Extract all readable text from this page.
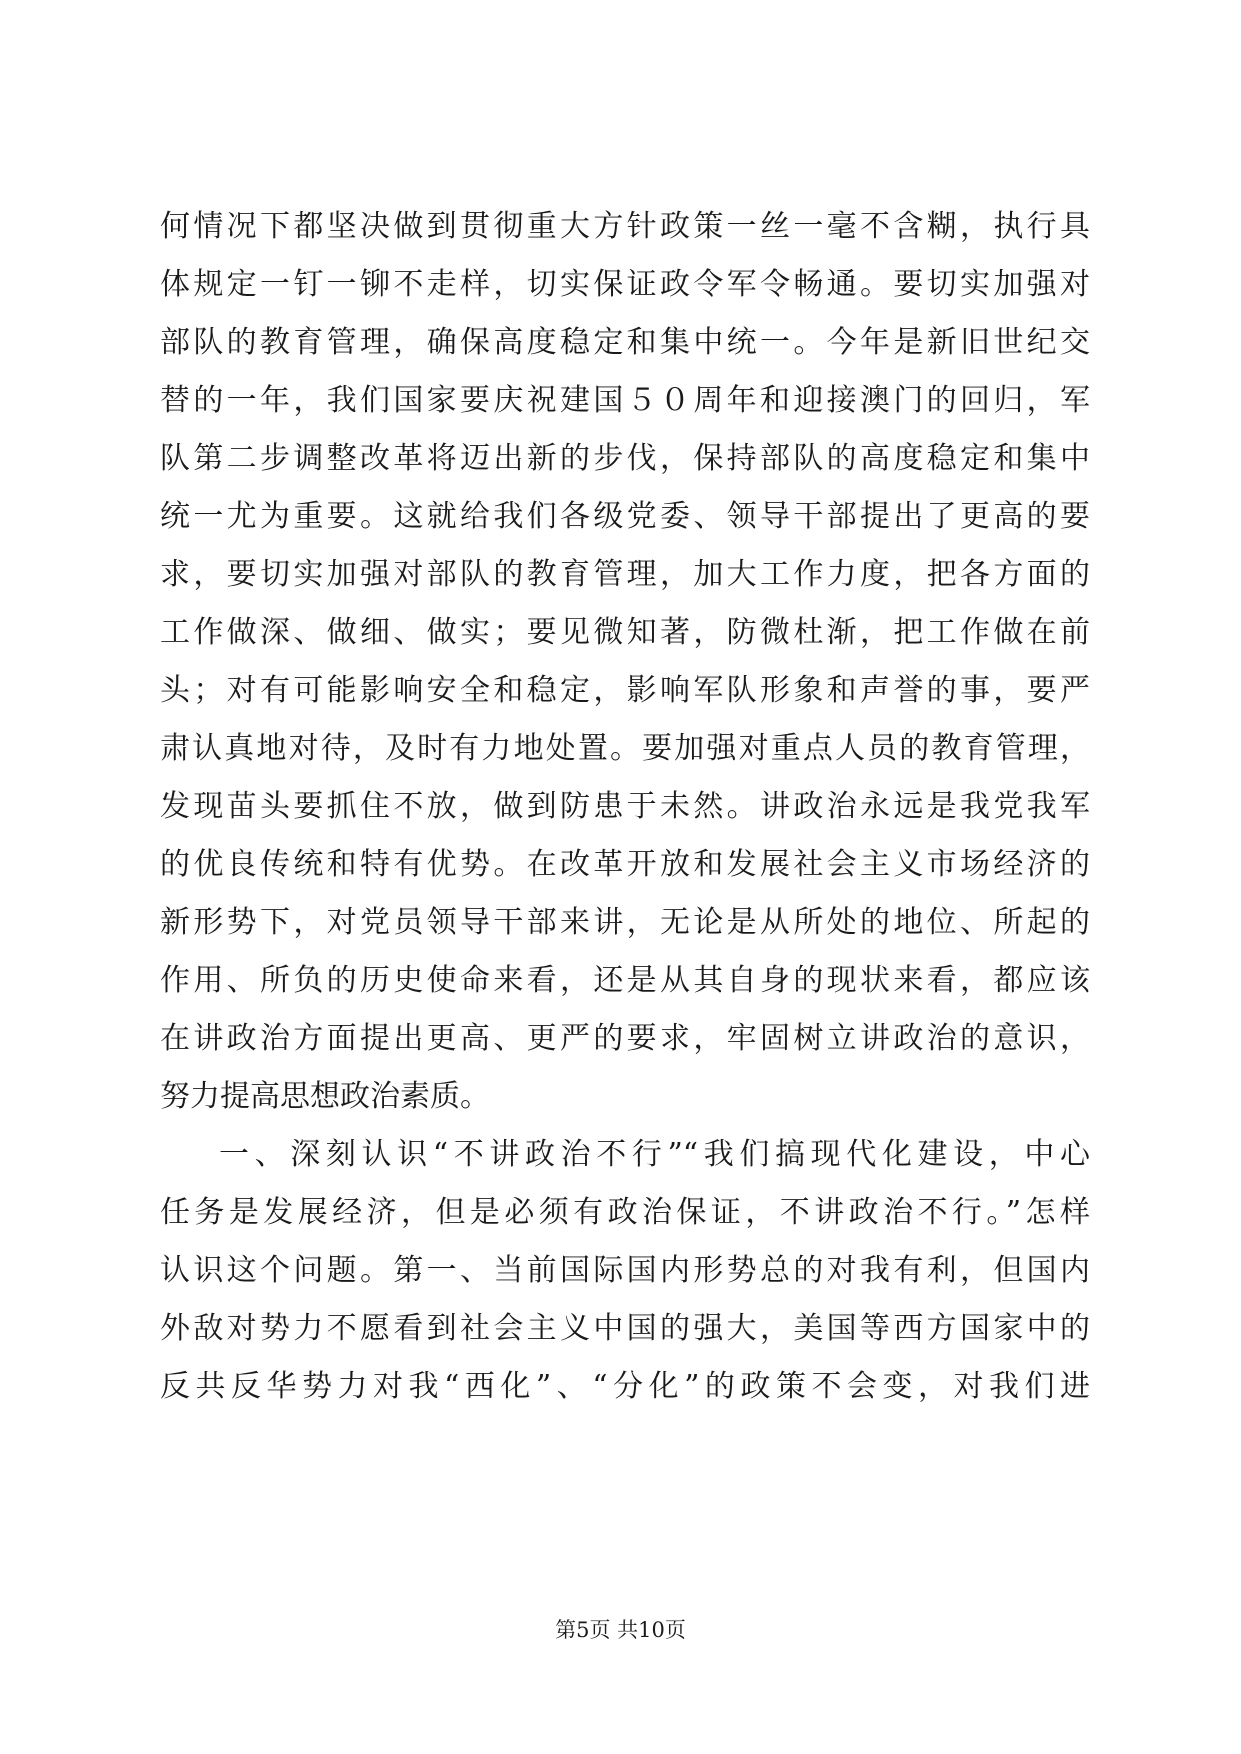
何情况下都坚决做到贯彻重大方针政策一丝一毫不含糊，执行具
体规定一钉一铆不走样，切实保证政令军令畅通。要切实加强对
部队的教育管理，确保高度稳定和集中统一。今年是新旧世纪交
替的一年，我们国家要庆祝建国５０周年和迎接澳门的回归，军
队第二步调整改革将迈出新的步伐，保持部队的高度稳定和集中
统一尤为重要。这就给我们各级党委、领导干部提出了更高的要
求，要切实加强对部队的教育管理，加大工作力度，把各方面的
工作做深、做细、做实；要见微知著，防微杜渐，把工作做在前
头；对有可能影响安全和稳定，影响军队形象和声誉的事，要严
肃认真地对待，及时有力地处置。要加强对重点人员的教育管理，
发现苗头要抓住不放，做到防患于未然。讲政治永远是我党我军
的优良传统和特有优势。在改革开放和发展社会主义市场经济的
新形势下，对党员领导干部来讲，无论是从所处的地位、所起的
作用、所负的历史使命来看，还是从其自身的现状来看，都应该
在讲政治方面提出更高、更严的要求，牢固树立讲政治的意识，
努力提高思想政治素质。
一、深刻认识“不讲政治不行”“我们搞现代化建设，中心
任务是发展经济，但是必须有政治保证，不讲政治不行。”怎样
认识这个问题。第一、当前国际国内形势总的对我有利，但国内
外敌对势力不愿看到社会主义中国的强大，美国等西方国家中的
反共反华势力对我“西化”、“分化”的政策不会变，对我们进
第5页 共10页
